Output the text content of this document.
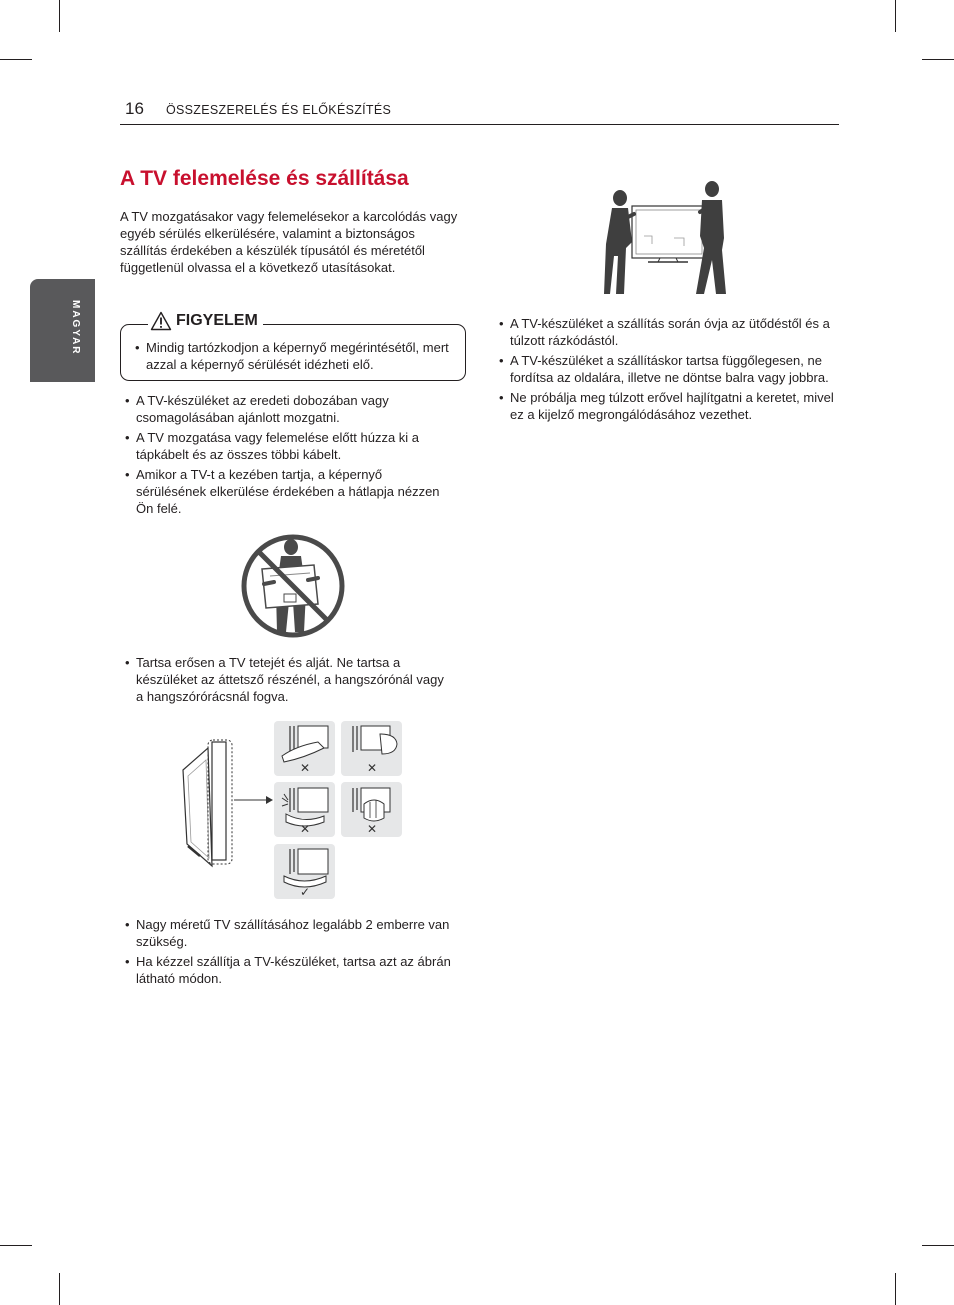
16 ÖSSZESZERELÉS ÉS ELŐKÉSZÍTÉS
MAGYAR
A TV felemelése és szállítása

A TV mozgatásakor vagy felemelésekor a karcolódás vagy egyéb sérülés elkerülésére, valamint a biztonságos szállítás érdekében a készülék típusától és méretétől függetlenül olvassa el a következő utasításokat.

FIGYELEM
• Mindig tartózkodjon a képernyő megérintésétől, mert azzal a képernyő sérülését idézheti elő.
• A TV-készüléket az eredeti dobozában vagy csomagolásában ajánlott mozgatni.
• A TV mozgatása vagy felemelése előtt húzza ki a tápkábelt és az összes többi kábelt.
• Amikor a TV-t a kezében tartja, a képernyő sérülésének elkerülése érdekében a hátlapja nézzen Ön felé.
• Tartsa erősen a TV tetejét és alját. Ne tartsa a készüléket az áttetsző részénél, a hangszórónál vagy a hangszórórácsnál fogva.
✕	✕
✕	✕
✓
• Nagy méretű TV szállításához legalább 2 emberre van szükség.
• Ha kézzel szállítja a TV-készüléket, tartsa azt az ábrán látható módon.
• A TV-készüléket a szállítás során óvja az ütődéstől és a túlzott rázkódástól.
• A TV-készüléket a szállításkor tartsa függőlegesen, ne fordítsa az oldalára, illetve ne döntse balra vagy jobbra.
• Ne próbálja meg túlzott erővel hajlítgatni a keretet, mivel ez a kijelző megrongálódásához vezethet.
